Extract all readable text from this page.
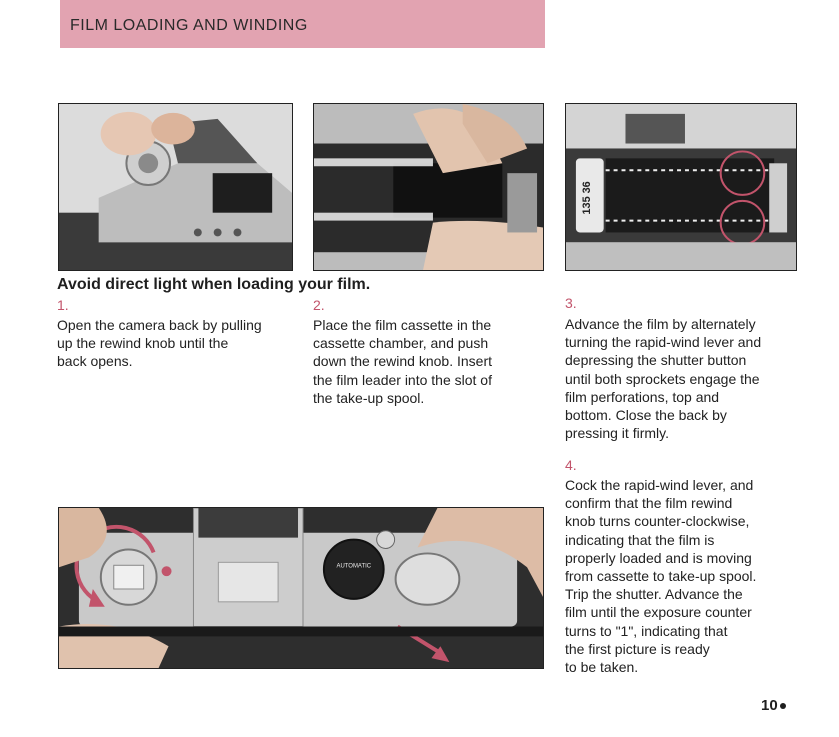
FILM LOADING AND WINDING
135 36
AUTOMATIC
Avoid direct light when loading your film.
1.
Open the camera back by pulling
up the rewind knob until the
back opens.
2.
Place the film cassette in the
cassette chamber, and push
down the rewind knob. Insert
the film leader into the slot of
the take-up spool.
3.
Advance the film by alternately
turning the rapid-wind lever and
depressing the shutter button
until both sprockets engage the
film perforations, top and
bottom. Close the back by
pressing it firmly.
4.
Cock the rapid-wind lever, and
confirm that the film rewind
knob turns counter-clockwise,
indicating that the film is
properly loaded and is moving
from cassette to take-up spool.
Trip the shutter. Advance the
film until the exposure counter
turns to "1", indicating that
the first picture is ready
to be taken.
10
